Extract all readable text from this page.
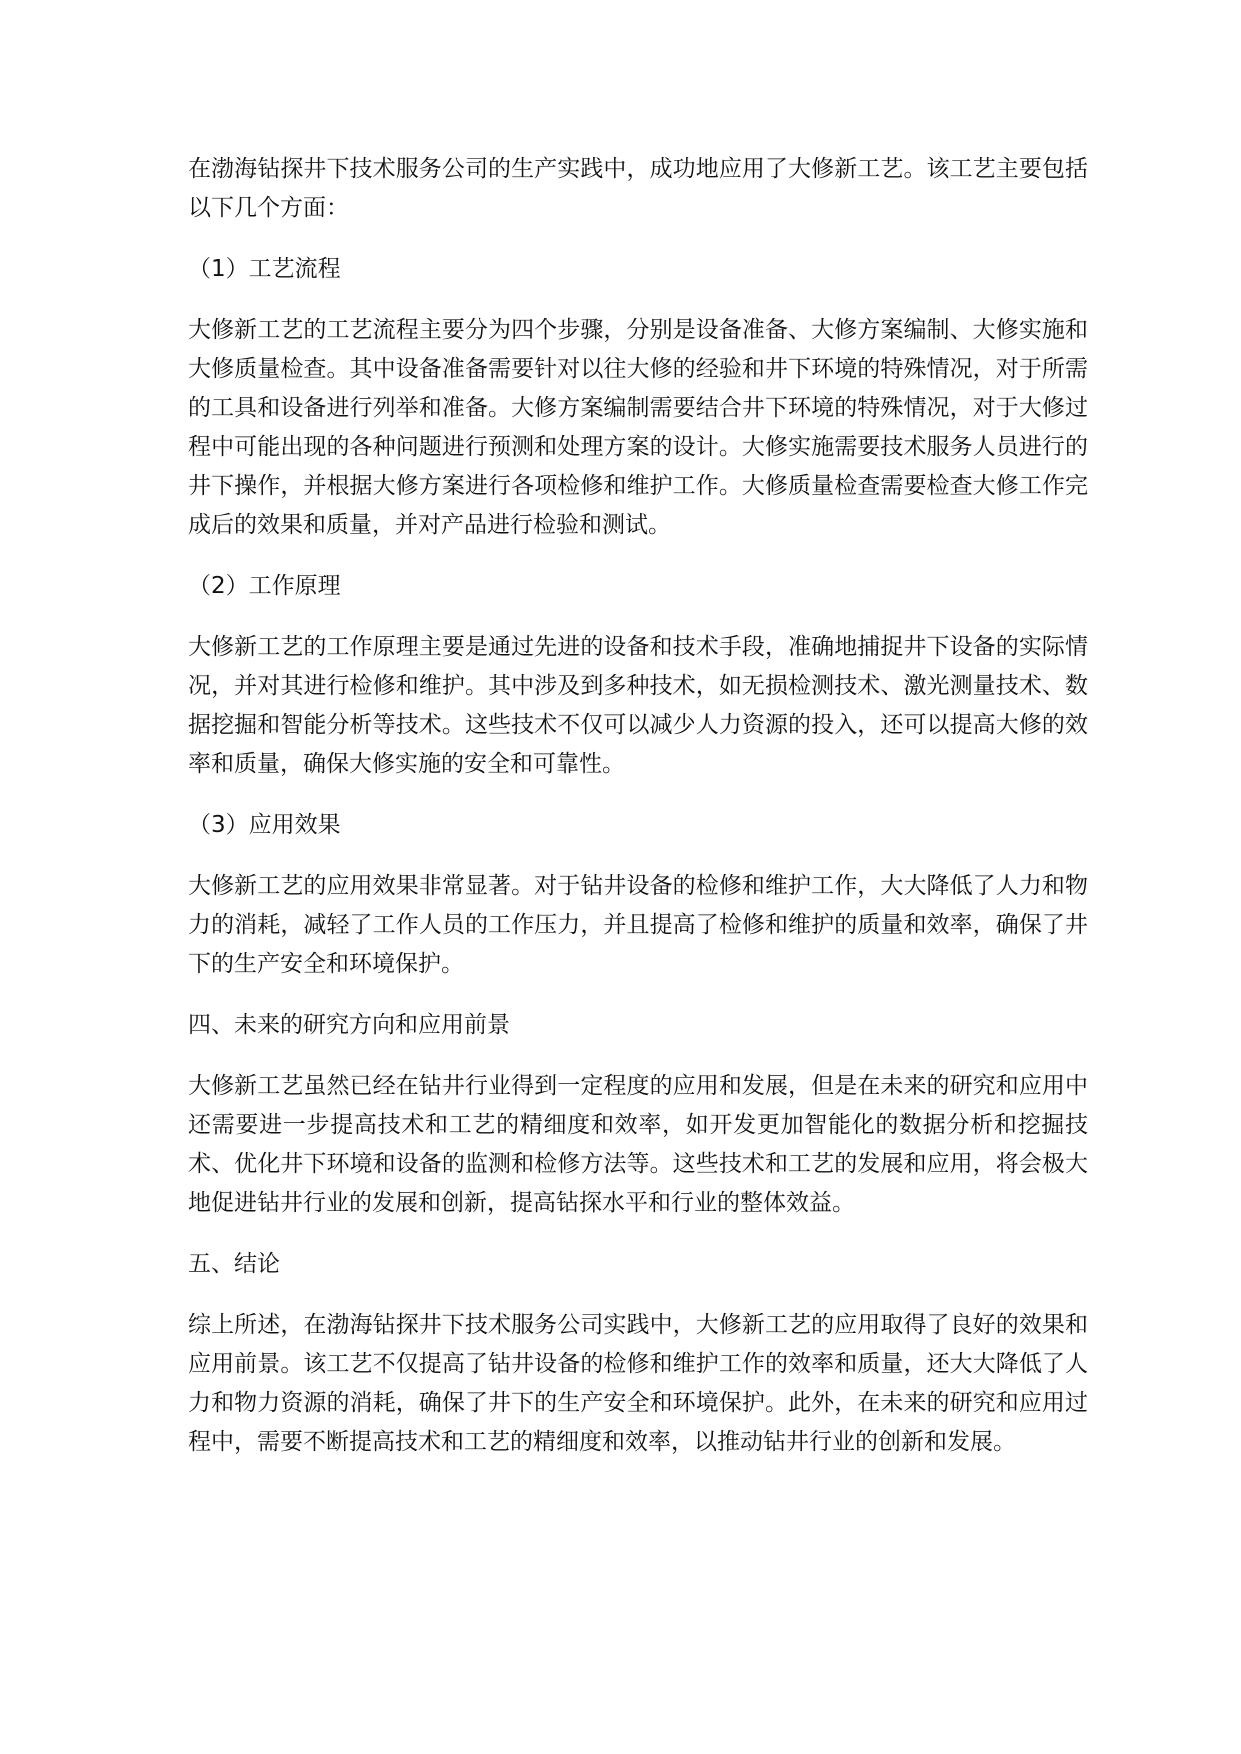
在渤海钻探井下技术服务公司的生产实践中，成功地应用了大修新工艺。该工艺主要包括以下几个方面：

（1）工艺流程

大修新工艺的工艺流程主要分为四个步骤，分别是设备准备、大修方案编制、大修实施和大修质量检查。其中设备准备需要针对以往大修的经验和井下环境的特殊情况，对于所需的工具和设备进行列举和准备。大修方案编制需要结合井下环境的特殊情况，对于大修过程中可能出现的各种问题进行预测和处理方案的设计。大修实施需要技术服务人员进行的井下操作，并根据大修方案进行各项检修和维护工作。大修质量检查需要检查大修工作完成后的效果和质量，并对产品进行检验和测试。

（2）工作原理

大修新工艺的工作原理主要是通过先进的设备和技术手段，准确地捕捉井下设备的实际情况，并对其进行检修和维护。其中涉及到多种技术，如无损检测技术、激光测量技术、数据挖掘和智能分析等技术。这些技术不仅可以减少人力资源的投入，还可以提高大修的效率和质量，确保大修实施的安全和可靠性。

（3）应用效果

大修新工艺的应用效果非常显著。对于钻井设备的检修和维护工作，大大降低了人力和物力的消耗，减轻了工作人员的工作压力，并且提高了检修和维护的质量和效率，确保了井下的生产安全和环境保护。

四、未来的研究方向和应用前景

大修新工艺虽然已经在钻井行业得到一定程度的应用和发展，但是在未来的研究和应用中还需要进一步提高技术和工艺的精细度和效率，如开发更加智能化的数据分析和挖掘技术、优化井下环境和设备的监测和检修方法等。这些技术和工艺的发展和应用，将会极大地促进钻井行业的发展和创新，提高钻探水平和行业的整体效益。

五、结论

综上所述，在渤海钻探井下技术服务公司实践中，大修新工艺的应用取得了良好的效果和应用前景。该工艺不仅提高了钻井设备的检修和维护工作的效率和质量，还大大降低了人力和物力资源的消耗，确保了井下的生产安全和环境保护。此外，在未来的研究和应用过程中，需要不断提高技术和工艺的精细度和效率，以推动钻井行业的创新和发展。
